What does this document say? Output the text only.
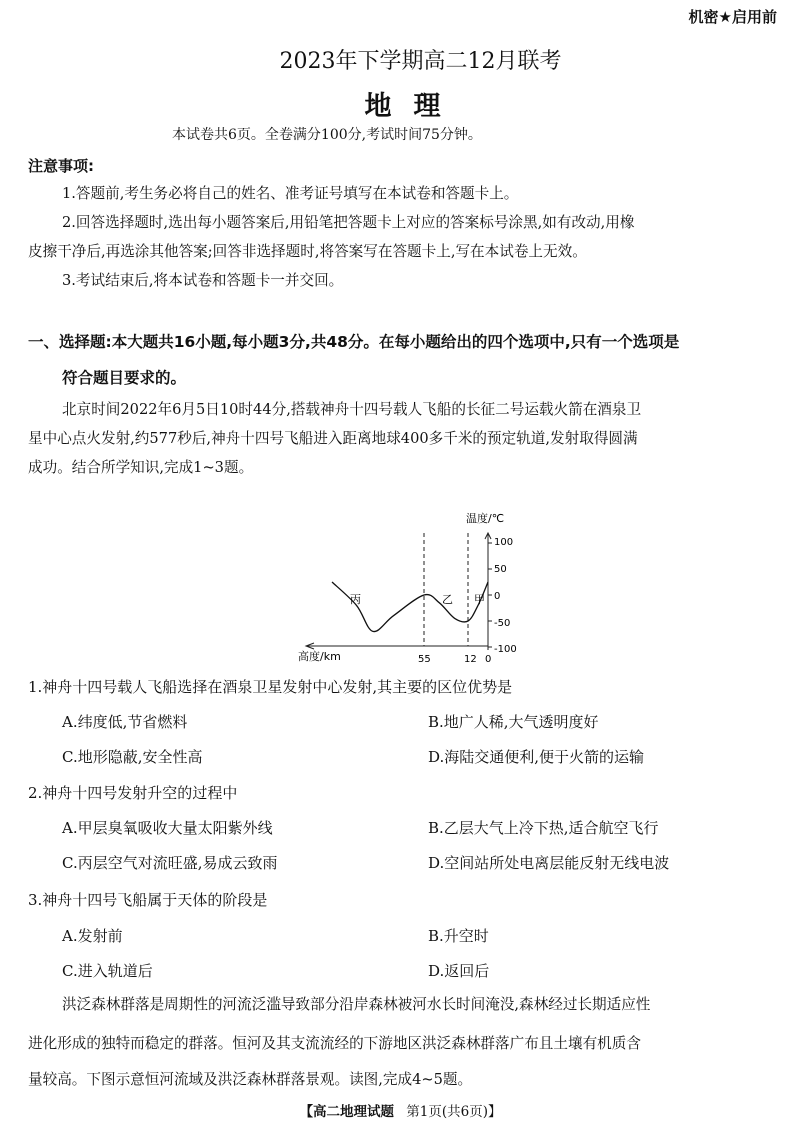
机密★启用前
2023年下学期高二12月联考
地理
本试卷共6页。全卷满分100分,考试时间75分钟。
注意事项:
1.答题前,考生务必将自己的姓名、准考证号填写在本试卷和答题卡上。
2.回答选择题时,选出每小题答案后,用铅笔把答题卡上对应的答案标号涂黑,如有改动,用橡
皮擦干净后,再选涂其他答案;回答非选择题时,将答案写在答题卡上,写在本试卷上无效。
3.考试结束后,将本试卷和答题卡一并交回。
一、选择题:本大题共16小题,每小题3分,共48分。在每小题给出的四个选项中,只有一个选项是
符合题目要求的。
北京时间2022年6月5日10时44分,搭载神舟十四号载人飞船的长征二号运载火箭在酒泉卫
星中心点火发射,约577秒后,神舟十四号飞船进入距离地球400多千米的预定轨道,发射取得圆满
成功。结合所学知识,完成1~3题。
温度/℃
高度/km
100
50
0
-50
-100
55	12 0
丙	乙 甲
1.神舟十四号载人飞船选择在酒泉卫星发射中心发射,其主要的区位优势是
A.纬度低,节省燃料	B.地广人稀,大气透明度好
C.地形隐蔽,安全性高	D.海陆交通便利,便于火箭的运输
2.神舟十四号发射升空的过程中
A.甲层臭氧吸收大量太阳紫外线	B.乙层大气上冷下热,适合航空飞行
C.丙层空气对流旺盛,易成云致雨	D.空间站所处电离层能反射无线电波
3.神舟十四号飞船属于天体的阶段是
A.发射前	B.升空时
C.进入轨道后	D.返回后
洪泛森林群落是周期性的河流泛滥导致部分沿岸森林被河水长时间淹没,森林经过长期适应性
进化形成的独特而稳定的群落。恒河及其支流流经的下游地区洪泛森林群落广布且土壤有机质含
量较高。下图示意恒河流域及洪泛森林群落景观。读图,完成4~5题。
【高二地理试题 第1页(共6页)】
